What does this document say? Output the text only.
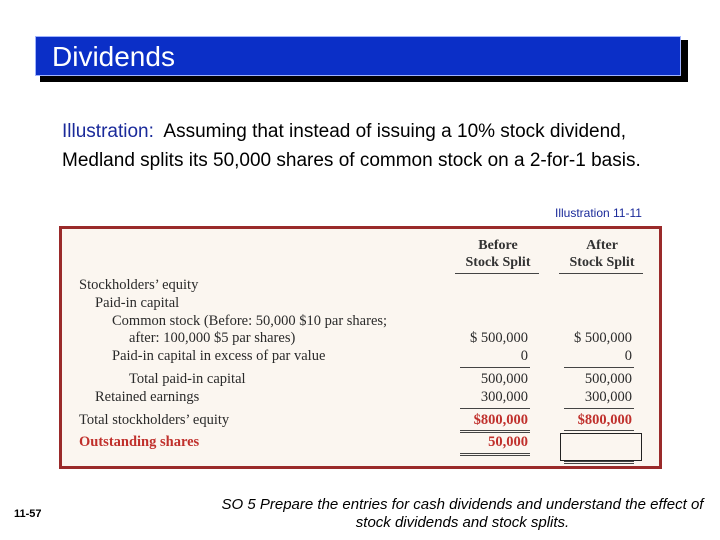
Dividends
Illustration: Assuming that instead of issuing a 10% stock dividend, Medland splits its 50,000 shares of common stock on a 2-for-1 basis.
Illustration 11-11
Before
Stock Split
After
Stock Split
Stockholders’ equity
Paid-in capital
Common stock (Before: 50,000 $10 par shares;
after: 100,000 $5 par shares)
Paid-in capital in excess of par value
Total paid-in capital
Retained earnings
Total stockholders’ equity
Outstanding shares
$ 500,000
0
500,000
300,000
$800,000
50,000
$ 500,000
0
500,000
300,000
$800,000
11-57
SO 5 Prepare the entries for cash dividends and understand the effect of stock dividends and stock splits.
